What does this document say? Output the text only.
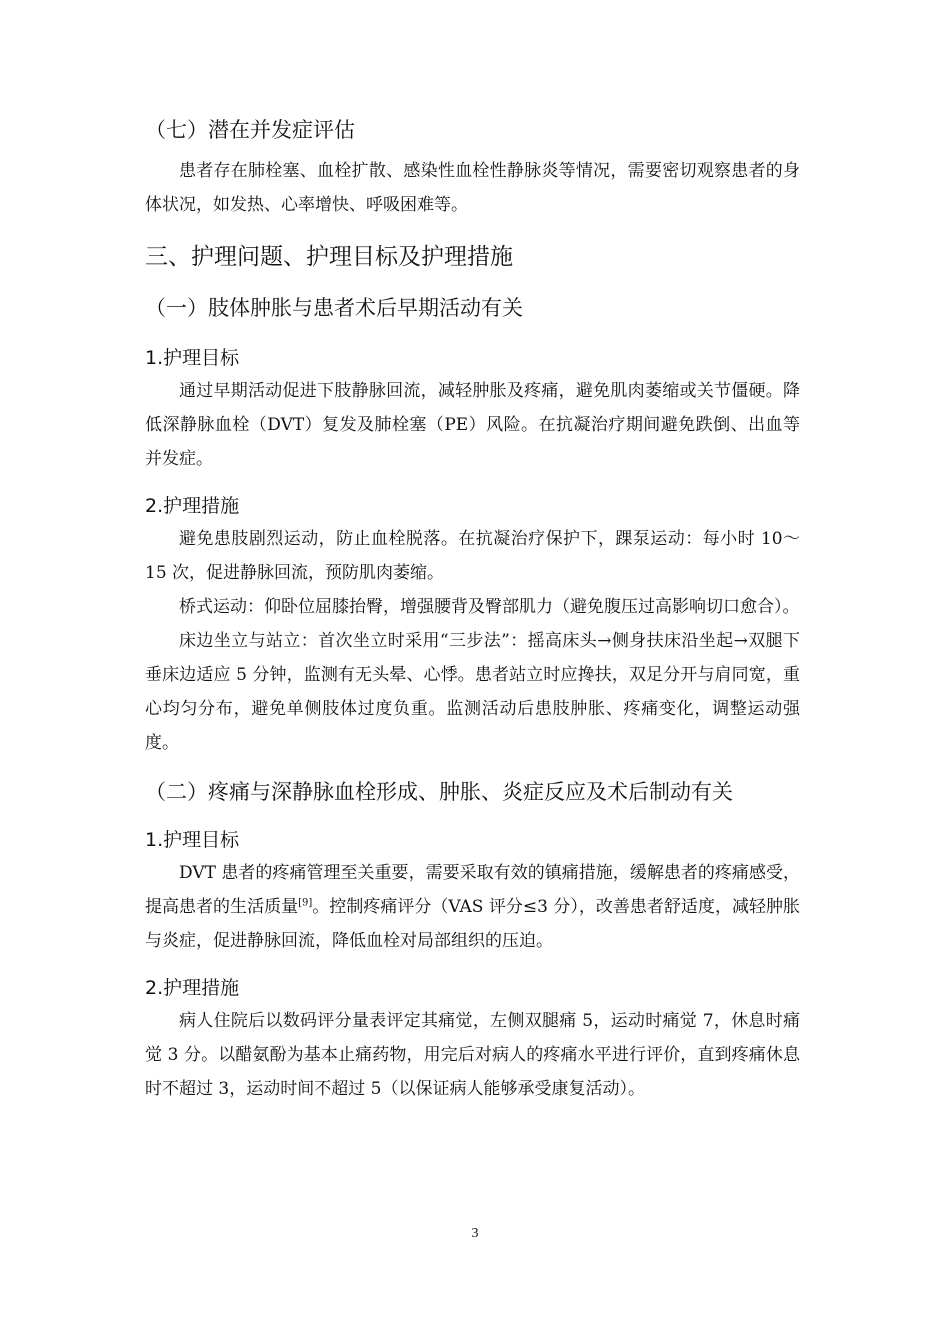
（七）潜在并发症评估

患者存在肺栓塞、血栓扩散、感染性血栓性静脉炎等情况，需要密切观察患者的身体状况，如发热、心率增快、呼吸困难等。

三、护理问题、护理目标及护理措施
（一）肢体肿胀与患者术后早期活动有关
1.护理目标

通过早期活动促进下肢静脉回流，减轻肿胀及疼痛，避免肌肉萎缩或关节僵硬。降低深静脉血栓（DVT）复发及肺栓塞（PE）风险。在抗凝治疗期间避免跌倒、出血等并发症。

2.护理措施

避免患肢剧烈运动，防止血栓脱落。在抗凝治疗保护下，踝泵运动：每小时 10～15 次，促进静脉回流，预防肌肉萎缩。

桥式运动：仰卧位屈膝抬臀，增强腰背及臀部肌力（避免腹压过高影响切口愈合）。

床边坐立与站立：首次坐立时采用“三步法”：摇高床头→侧身扶床沿坐起→双腿下垂床边适应 5 分钟，监测有无头晕、心悸。患者站立时应搀扶，双足分开与肩同宽，重心均匀分布，避免单侧肢体过度负重。监测活动后患肢肿胀、疼痛变化，调整运动强度。

（二）疼痛与深静脉血栓形成、肿胀、炎症反应及术后制动有关
1.护理目标

DVT 患者的疼痛管理至关重要，需要采取有效的镇痛措施，缓解患者的疼痛感受，提高患者的生活质量[9]。控制疼痛评分（VAS 评分≤3 分），改善患者舒适度，减轻肿胀与炎症，促进静脉回流，降低血栓对局部组织的压迫。

2.护理措施

病人住院后以数码评分量表评定其痛觉，左侧双腿痛 5，运动时痛觉 7，休息时痛觉 3 分。以醋氨酚为基本止痛药物，用完后对病人的疼痛水平进行评价，直到疼痛休息时不超过 3，运动时间不超过 5（以保证病人能够承受康复活动）。

3
